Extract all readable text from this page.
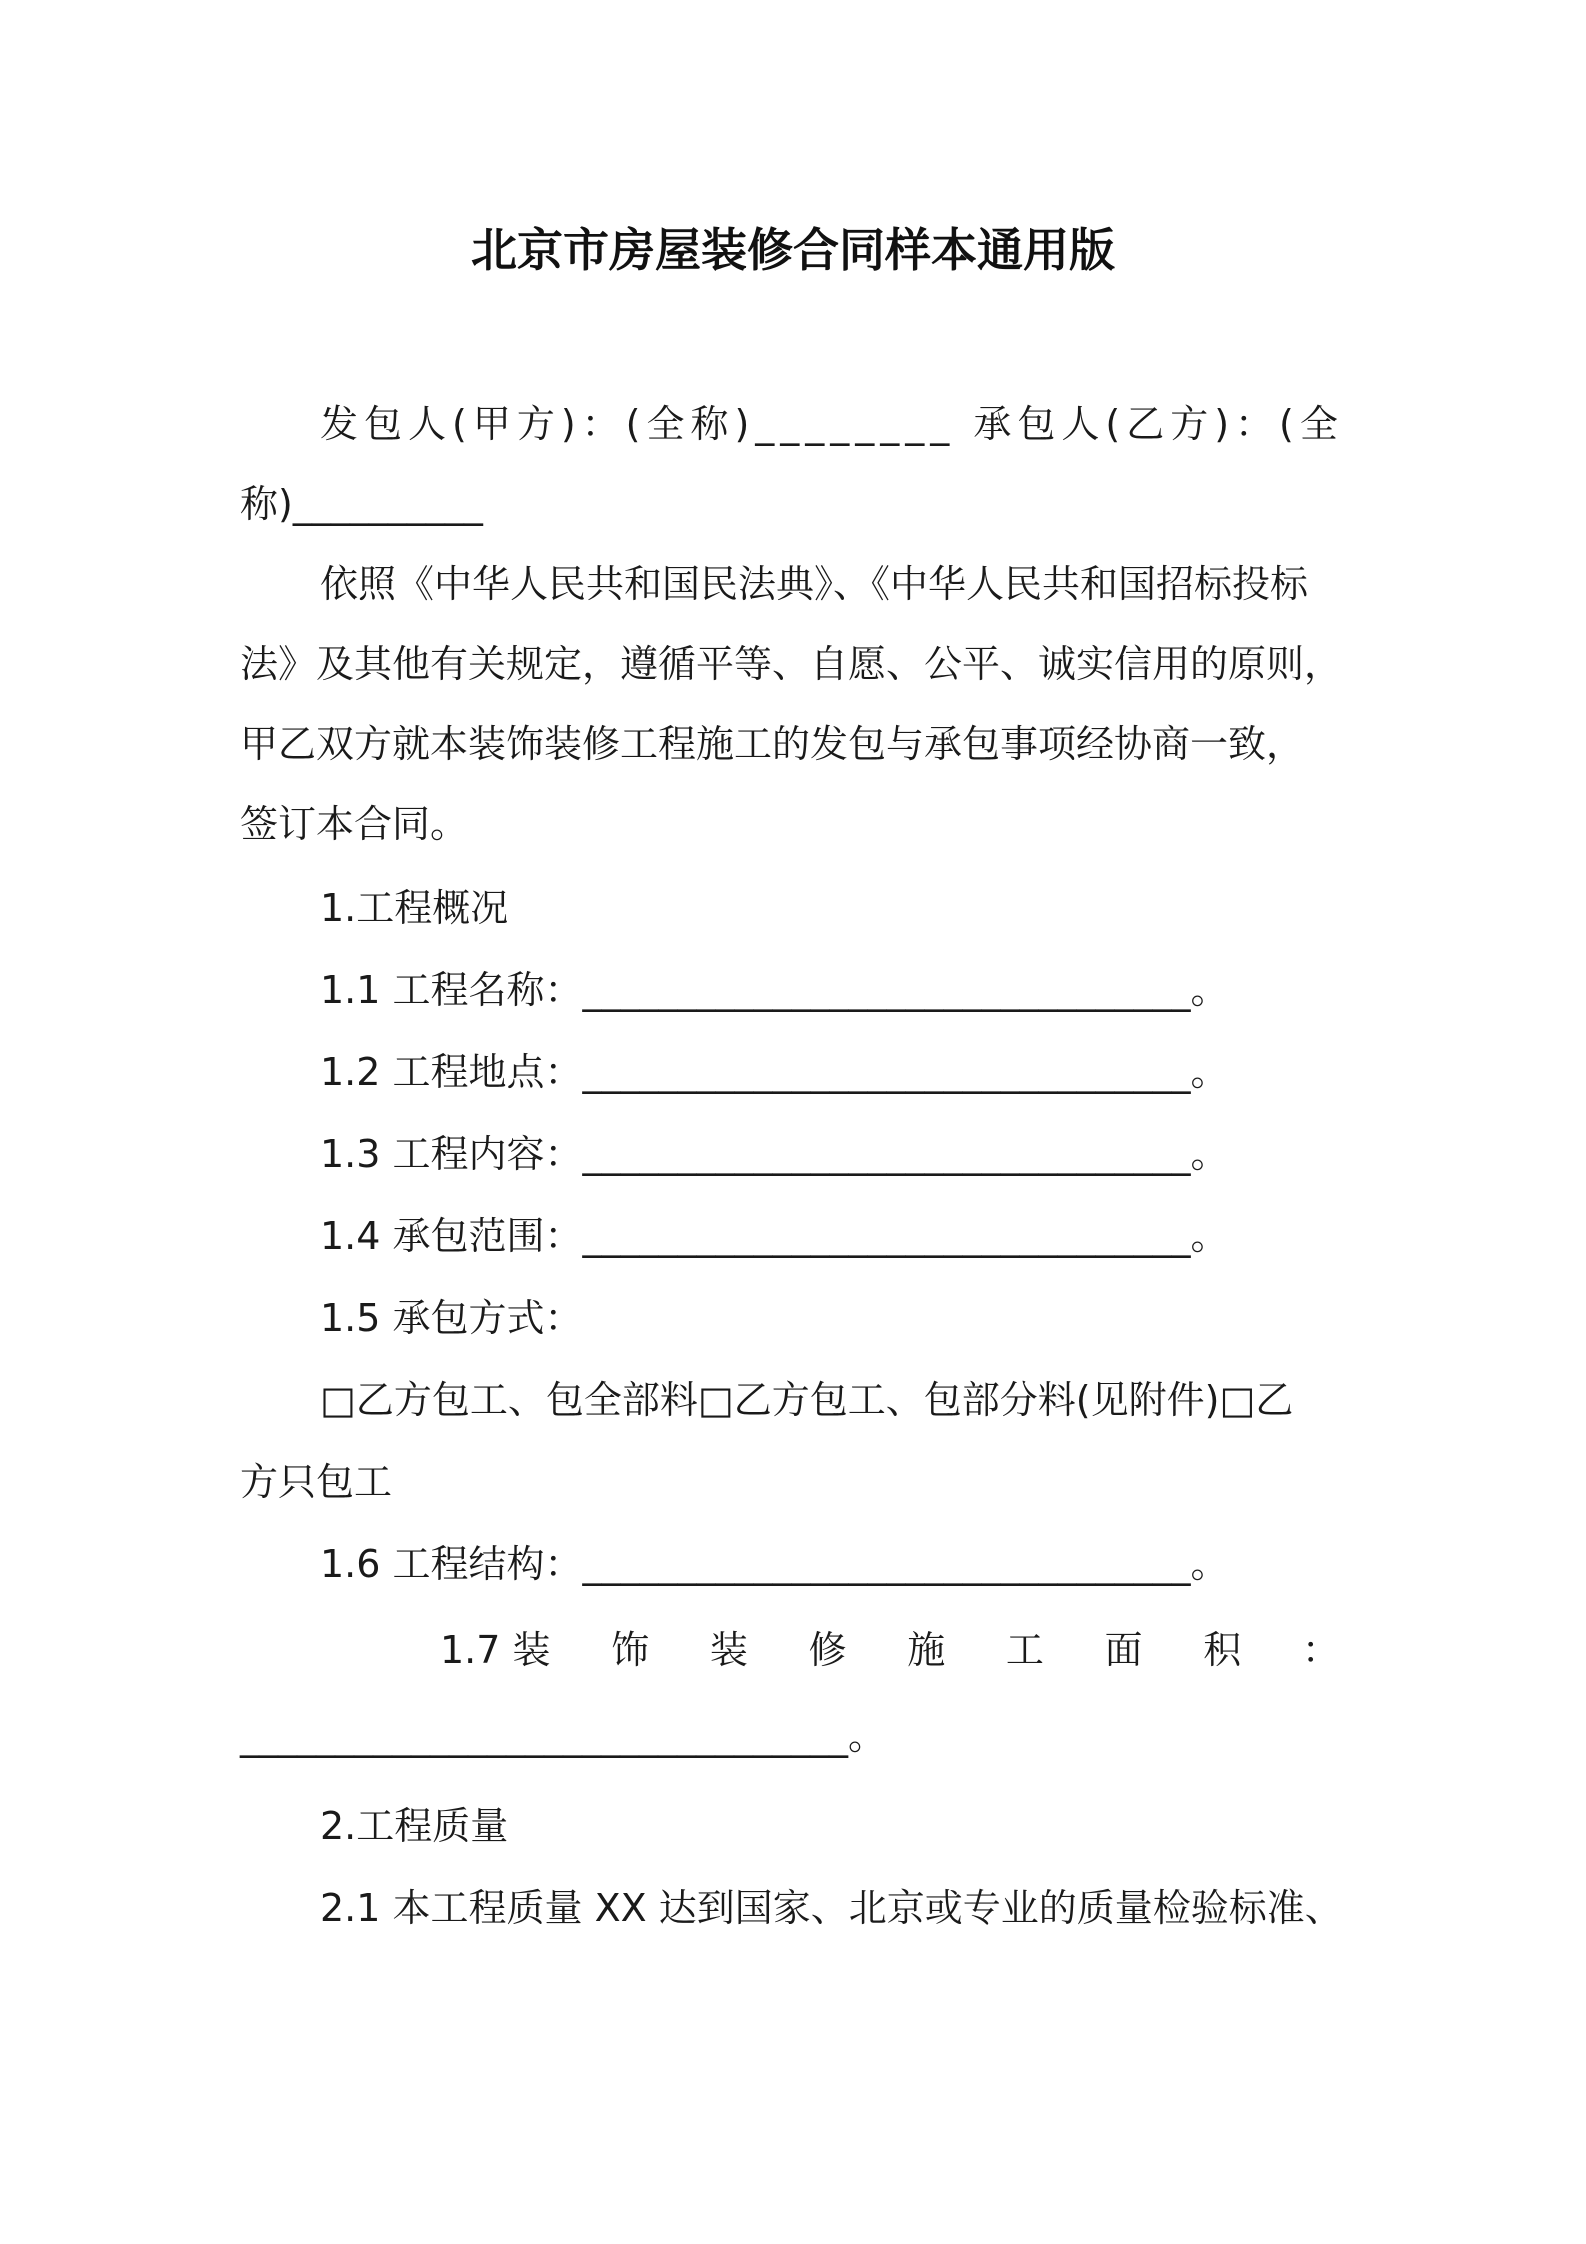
北京市房屋装修合同样本通用版
发包人(甲方)：(全称)________ 承包人(乙方)：(全
称)__________
依照《中华人民共和国民法典》、《中华人民共和国招标投标
法》及其他有关规定，遵循平等、自愿、公平、诚实信用的原则，
甲乙双方就本装饰装修工程施工的发包与承包事项经协商一致，
签订本合同。
1.工程概况
1.1 工程名称：________________________________。
1.2 工程地点：________________________________。
1.3 工程内容：________________________________。
1.4 承包范围：________________________________。
1.5 承包方式：
□乙方包工、包全部料□乙方包工、包部分料(见附件)□乙
方只包工
1.6 工程结构：________________________________。
1.7 装 饰 装 修 施 工 面 积 ：
________________________________。
2.工程质量
2.1 本工程质量 XX 达到国家、北京或专业的质量检验标准、
